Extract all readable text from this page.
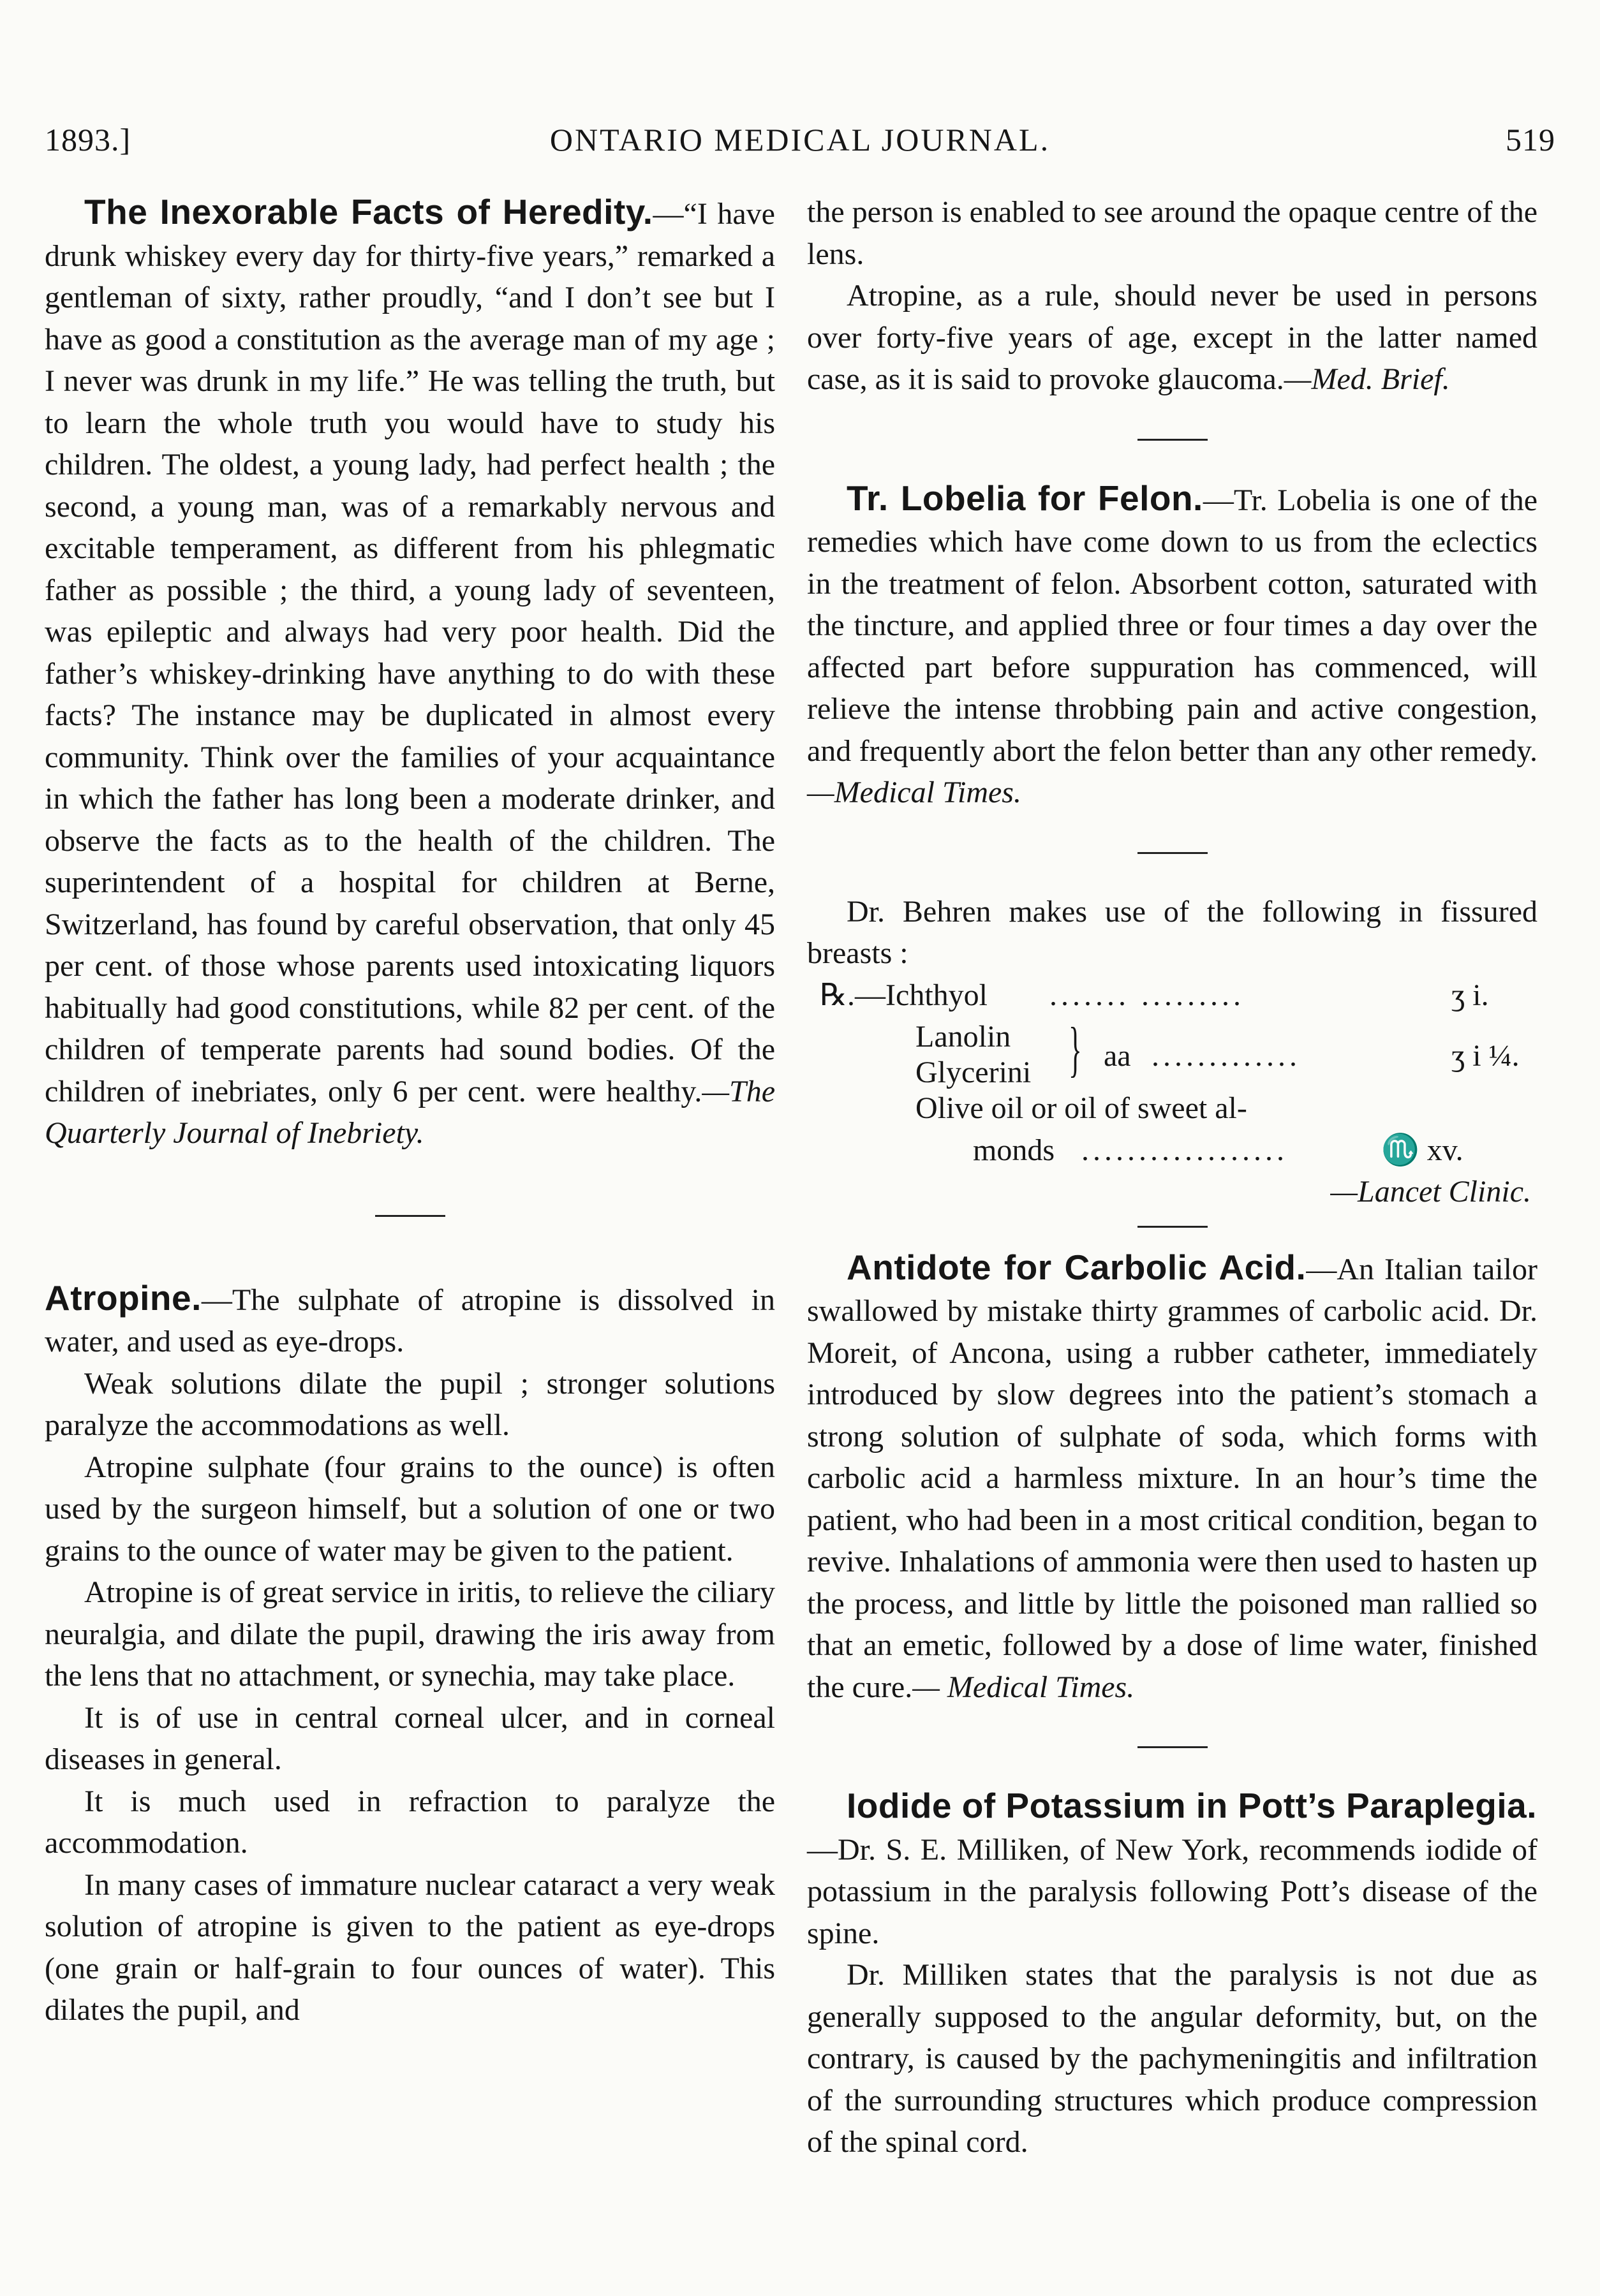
1893.]	ONTARIO MEDICAL JOURNAL.	519

The Inexorable Facts of Heredity.—“I have drunk whiskey every day for thirty-five years,” remarked a gentleman of sixty, rather proudly, “and I don’t see but I have as good a constitution as the average man of my age ; I never was drunk in my life.” He was telling the truth, but to learn the whole truth you would have to study his children. The oldest, a young lady, had perfect health ; the second, a young man, was of a remarkably nervous and excitable temperament, as different from his phlegmatic father as possible ; the third, a young lady of seventeen, was epileptic and always had very poor health. Did the father’s whiskey-drinking have anything to do with these facts? The instance may be duplicated in almost every community. Think over the families of your acquaintance in which the father has long been a moderate drinker, and observe the facts as to the health of the children. The superintendent of a hospital for children at Berne, Switzerland, has found by careful observation, that only 45 per cent. of those whose parents used intoxicating liquors habitually had good constitutions, while 82 per cent. of the children of temperate parents had sound bodies. Of the children of inebriates, only 6 per cent. were healthy.—The Quarterly Journal of Inebriety.

Atropine.—The sulphate of atropine is dissolved in water, and used as eye-drops.

Weak solutions dilate the pupil ; stronger solutions paralyze the accommodations as well.

Atropine sulphate (four grains to the ounce) is often used by the surgeon himself, but a solution of one or two grains to the ounce of water may be given to the patient.

Atropine is of great service in iritis, to relieve the ciliary neuralgia, and dilate the pupil, drawing the iris away from the lens that no attachment, or synechia, may take place.

It is of use in central corneal ulcer, and in corneal diseases in general.

It is much used in refraction to paralyze the accommodation.

In many cases of immature nuclear cataract a very weak solution of atropine is given to the patient as eye-drops (one grain or half-grain to four ounces of water). This dilates the pupil, and

the person is enabled to see around the opaque centre of the lens.

Atropine, as a rule, should never be used in persons over forty-five years of age, except in the latter named case, as it is said to provoke glaucoma.—Med. Brief.

Tr. Lobelia for Felon.—Tr. Lobelia is one of the remedies which have come down to us from the eclectics in the treatment of felon. Absorbent cotton, saturated with the tincture, and applied three or four times a day over the affected part before suppuration has commenced, will relieve the intense throbbing pain and active congestion, and frequently abort the felon better than any other remedy.—Medical Times.

Dr. Behren makes use of the following in fissured breasts :

℞.—Ichthyol ....... .........	ʒ i.
Lanolin
Glycerini } aa .............	ʒ i ¼.
Olive oil or oil of sweet al-
monds ..................	♏ xv.

—Lancet Clinic.

Antidote for Carbolic Acid.—An Italian tailor swallowed by mistake thirty grammes of carbolic acid. Dr. Moreit, of Ancona, using a rubber catheter, immediately introduced by slow degrees into the patient’s stomach a strong solution of sulphate of soda, which forms with carbolic acid a harmless mixture. In an hour’s time the patient, who had been in a most critical condition, began to revive. Inhalations of ammonia were then used to hasten up the process, and little by little the poisoned man rallied so that an emetic, followed by a dose of lime water, finished the cure.— Medical Times.

Iodide of Potassium in Pott’s Paraplegia.

—Dr. S. E. Milliken, of New York, recommends iodide of potassium in the paralysis following Pott’s disease of the spine.

Dr. Milliken states that the paralysis is not due as generally supposed to the angular deformity, but, on the contrary, is caused by the pachymeningitis and infiltration of the surrounding structures which produce compression of the spinal cord.
